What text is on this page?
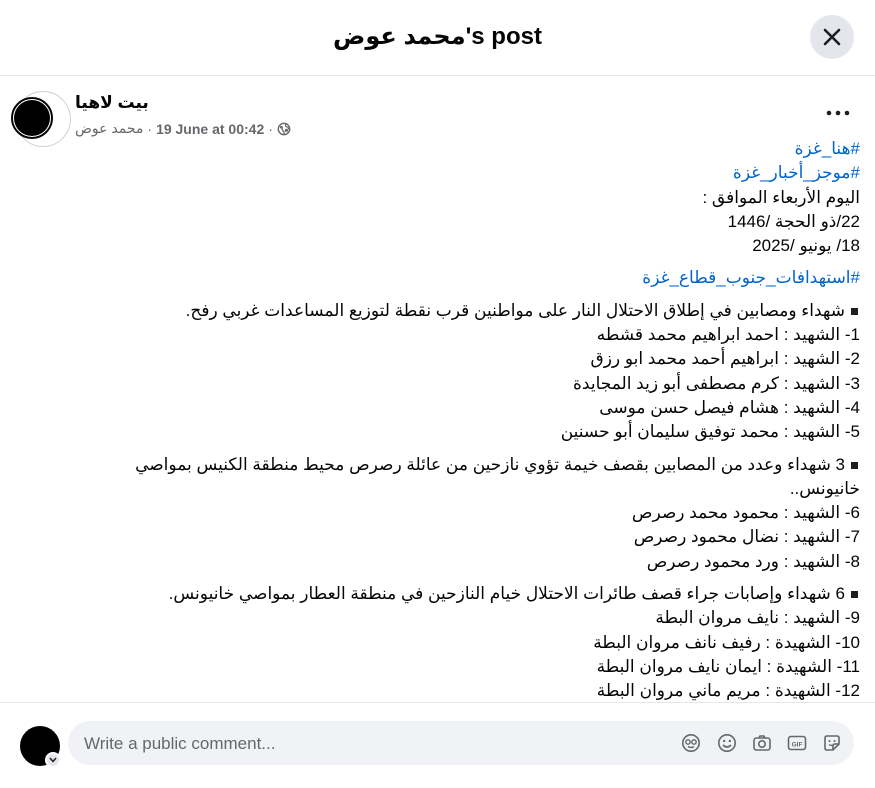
محمد عوض's post
بيت لاهيا
محمد عوض · 19 June at 00:42 ·
#هنا_غزة
#موجز_أخبار_غزة
اليوم الأربعاء الموافق :
22/ذو الحجة /1446
18/ يونيو /2025
#استهدافات_جنوب_قطاع_غزة
شهداء ومصابين في إطلاق الاحتلال النار على مواطنين قرب نقطة لتوزيع المساعدات غربي رفح.
1- الشهيد : احمد ابراهيم محمد قشطه
2- الشهيد : ابراهيم أحمد محمد ابو رزق
3- الشهيد : كرم مصطفى أبو زيد المجايدة
4- الشهيد : هشام فيصل حسن موسى
5- الشهيد : محمد توفيق سليمان أبو حسنين
3 شهداء وعدد من المصابين بقصف خيمة تؤوي نازحين من عائلة رصرص محيط منطقة الكنيس بمواصي خانيونس..
6- الشهيد : محمود محمد رصرص
7- الشهيد : نضال محمود رصرص
8- الشهيد : ورد محمود رصرص
6 شهداء وإصابات جراء قصف طائرات الاحتلال خيام النازحين في منطقة العطار بمواصي خانيونس.
9- الشهيد : نايف مروان البطة
10- الشهيدة : رفيف نانف مروان البطة
11- الشهيدة : ايمان نايف مروان البطة
12- الشهيدة : مريم ماني مروان البطة
Write a public comment...
GIF
